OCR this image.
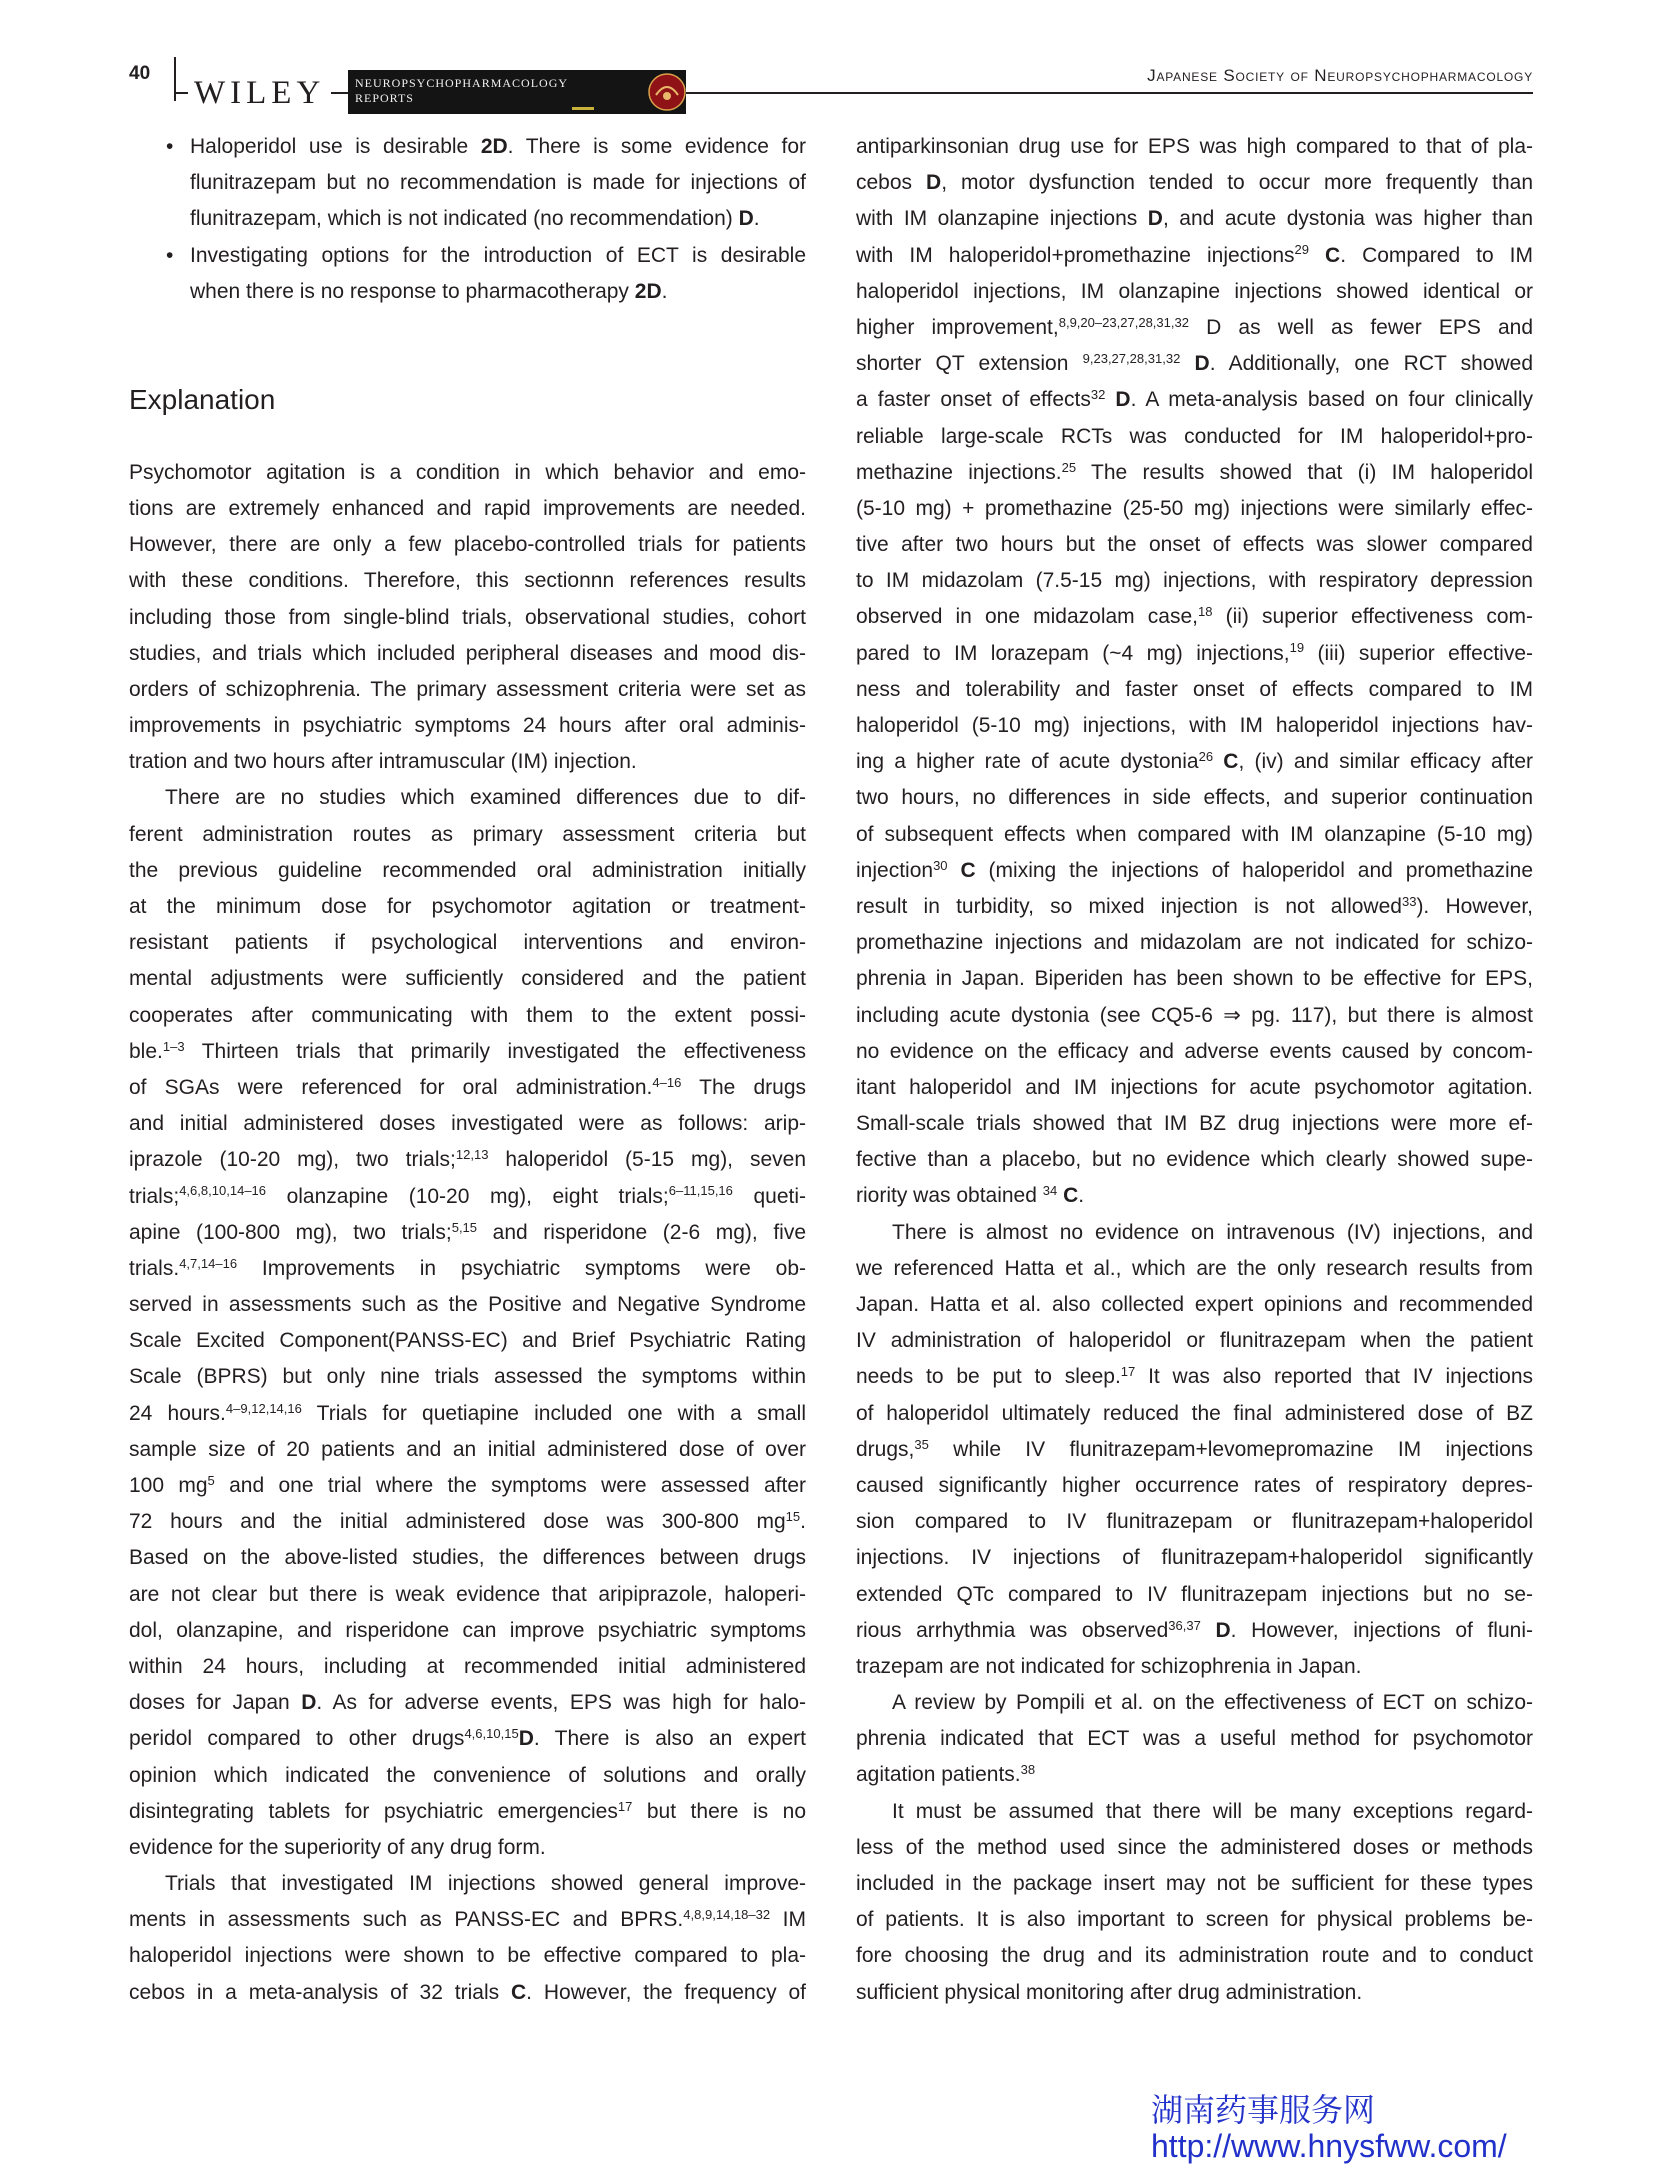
40
WILEY	NEUROPSYCHOPHARMACOLOGY
REPORTS
Japanese Society of Neuropsychopharmacology
• Haloperidol use is desirable 2D. There is some evidence for
flunitrazepam but no recommendation is made for injections of
flunitrazepam, which is not indicated (no recommendation) D.
• Investigating options for the introduction of ECT is desirable
when there is no response to pharmacotherapy 2D.
Explanation
Psychomotor agitation is a condition in which behavior and emo-
tions are extremely enhanced and rapid improvements are needed.
However, there are only a few placebo-controlled trials for patients
with these conditions. Therefore, this sectionnn references results
including those from single-blind trials, observational studies, cohort
studies, and trials which included peripheral diseases and mood dis-
orders of schizophrenia. The primary assessment criteria were set as
improvements in psychiatric symptoms 24 hours after oral adminis-
tration and two hours after intramuscular (IM) injection.
There are no studies which examined differences due to dif-
ferent administration routes as primary assessment criteria but
the previous guideline recommended oral administration initially
at the minimum dose for psychomotor agitation or treatment-
resistant patients if psychological interventions and environ-
mental adjustments were sufficiently considered and the patient
cooperates after communicating with them to the extent possi-
ble.$^{1-3}$ Thirteen trials that primarily investigated the effectiveness
of SGAs were referenced for oral administration.$^{4-16}$ The drugs
and initial administered doses investigated were as follows: arip-
iprazole (10-20 mg), two trials;$^{12,13}$ haloperidol (5-15 mg), seven
trials;$^{4,6,8,10,14-16}$ olanzapine (10-20 mg), eight trials;$^{6-11,15,16}$ queti-
apine (100-800 mg), two trials;$^{5,15}$ and risperidone (2-6 mg), five
trials.$^{4,7,14-16}$ Improvements in psychiatric symptoms were ob-
served in assessments such as the Positive and Negative Syndrome
Scale Excited Component(PANSS-EC) and Brief Psychiatric Rating
Scale (BPRS) but only nine trials assessed the symptoms within
24 hours.$^{4-9,12,14,16}$ Trials for quetiapine included one with a small
sample size of 20 patients and an initial administered dose of over
100 $mg^5$ and one trial where the symptoms were assessed after
72 hours and the initial administered dose was 300-800 $mg^{15}$.
Based on the above-listed studies, the differences between drugs
are not clear but there is weak evidence that aripiprazole, haloperi-
dol, olanzapine, and risperidone can improve psychiatric symptoms
within 24 hours, including at recommended initial administered
doses for Japan D. As for adverse events, EPS was high for halo-
peridol compared to other drugs$^{4,6,10,15}$D. There is also an expert
opinion which indicated the convenience of solutions and orally
disintegrating tablets for psychiatric emergencies$^{17}$ but there is no
evidence for the superiority of any drug form.
Trials that investigated IM injections showed general improve-
ments in assessments such as PANSS-EC and BPRS.$^{4,8,9,14,18-32}$ IM
haloperidol injections were shown to be effective compared to pla-
cebos in a meta-analysis of 32 trials C. However, the frequency of
antiparkinsonian drug use for EPS was high compared to that of pla-
cebos D, motor dysfunction tended to occur more frequently than
with IM olanzapine injections D, and acute dystonia was higher than
with IM haloperidol+promethazine injections$^{29}$ C. Compared to IM
haloperidol injections, IM olanzapine injections showed identical or
higher improvement,$^{8,9,20-23,27,28,31,32}$ D as well as fewer EPS and
shorter QT extension $^{9,23,27,28,31,32}$ D. Additionally, one RCT showed
a faster onset of effects$^{32}$ D. A meta-analysis based on four clinically
reliable large-scale RCTs was conducted for IM haloperidol+pro-
methazine injections.$^{25}$ The results showed that (i) IM haloperidol
(5-10 mg) + promethazine (25-50 mg) injections were similarly effec-
tive after two hours but the onset of effects was slower compared
to IM midazolam (7.5-15 mg) injections, with respiratory depression
observed in one midazolam case,$^{18}$ (ii) superior effectiveness com-
pared to IM lorazepam (~4 mg) injections,$^{19}$ (iii) superior effective-
ness and tolerability and faster onset of effects compared to IM
haloperidol (5-10 mg) injections, with IM haloperidol injections hav-
ing a higher rate of acute dystonia$^{26}$ C, (iv) and similar efficacy after
two hours, no differences in side effects, and superior continuation
of subsequent effects when compared with IM olanzapine (5-10 mg)
injection$^{30}$ C (mixing the injections of haloperidol and promethazine
result in turbidity, so mixed injection is not allowed$^{33}$). However,
promethazine injections and midazolam are not indicated for schizo-
phrenia in Japan. Biperiden has been shown to be effective for EPS,
including acute dystonia (see CQ5-6 ⇒ pg. 117), but there is almost
no evidence on the efficacy and adverse events caused by concom-
itant haloperidol and IM injections for acute psychomotor agitation.
Small-scale trials showed that IM BZ drug injections were more ef-
fective than a placebo, but no evidence which clearly showed supe-
riority was obtained $^{34}$ C.
There is almost no evidence on intravenous (IV) injections, and
we referenced Hatta et al., which are the only research results from
Japan. Hatta et al. also collected expert opinions and recommended
IV administration of haloperidol or flunitrazepam when the patient
needs to be put to sleep.$^{17}$ It was also reported that IV injections
of haloperidol ultimately reduced the final administered dose of BZ
drugs,$^{35}$ while IV flunitrazepam+levomepromazine IM injections
caused significantly higher occurrence rates of respiratory depres-
sion compared to IV flunitrazepam or flunitrazepam+haloperidol
injections. IV injections of flunitrazepam+haloperidol significantly
extended QTc compared to IV flunitrazepam injections but no se-
rious arrhythmia was observed$^{36,37}$ D. However, injections of fluni-
trazepam are not indicated for schizophrenia in Japan.
A review by Pompili et al. on the effectiveness of ECT on schizo-
phrenia indicated that ECT was a useful method for psychomotor
agitation patients.$^{38}$
It must be assumed that there will be many exceptions regard-
less of the method used since the administered doses or methods
included in the package insert may not be sufficient for these types
of patients. It is also important to screen for physical problems be-
fore choosing the drug and its administration route and to conduct
sufficient physical monitoring after drug administration.
湖南药事服务网
http://www.hnysfww.com/
